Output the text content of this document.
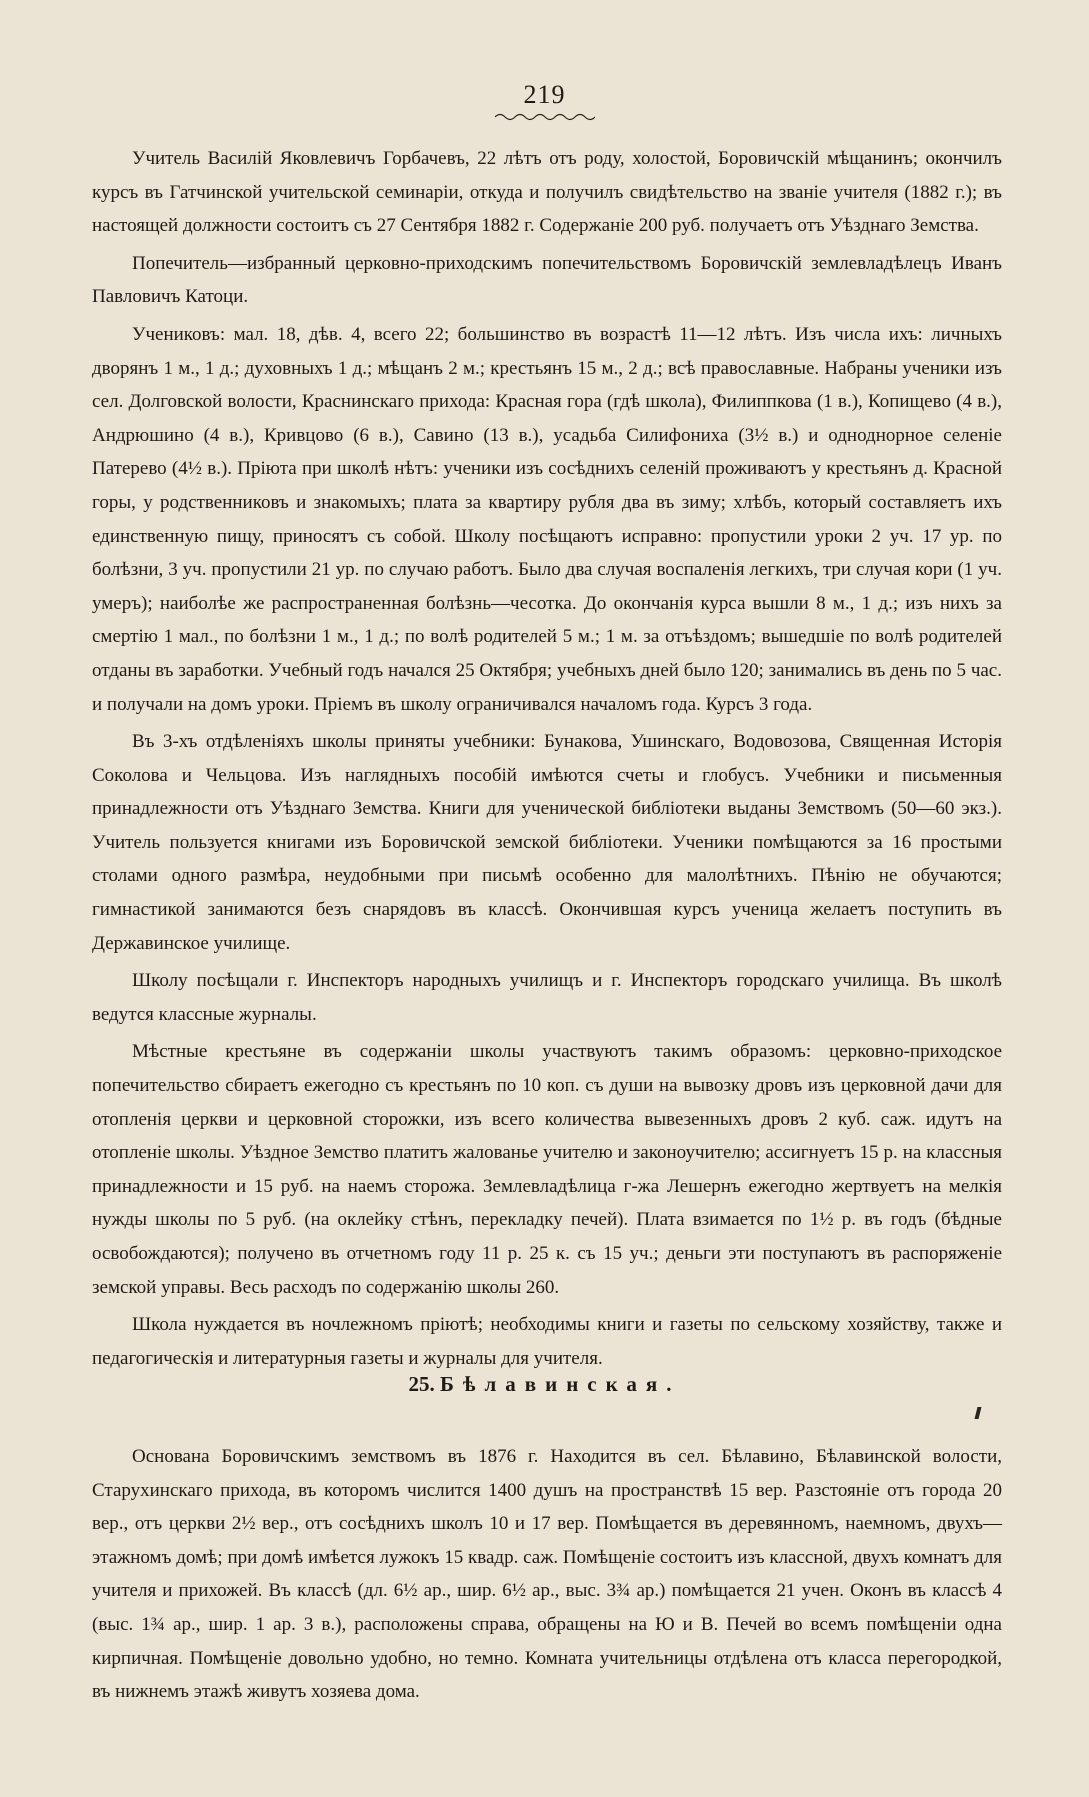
219

Учитель Василій Яковлевичъ Горбачевъ, 22 лѣтъ отъ роду, холостой, Боровичскій мѣщанинъ; окончилъ курсъ въ Гатчинской учительской семинаріи, откуда и получилъ свидѣтельство на званіе учителя (1882 г.); въ настоящей должности состоитъ съ 27 Сентября 1882 г. Содержаніе 200 руб. получаетъ отъ Уѣзднаго Земства.

Попечитель—избранный церковно-приходскимъ попечительствомъ Боровичскій землевладѣлецъ Иванъ Павловичъ Катоци.

Учениковъ: мал. 18, дѣв. 4, всего 22; большинство въ возрастѣ 11—12 лѣтъ. Изъ числа ихъ: личныхъ дворянъ 1 м., 1 д.; духовныхъ 1 д.; мѣщанъ 2 м.; крестьянъ 15 м., 2 д.; всѣ православные. Набраны ученики изъ сел. Долговской волости, Краснинскаго прихода: Красная гора (гдѣ школа), Филиппкова (1 в.), Копищево (4 в.), Андрюшино (4 в.), Кривцово (6 в.), Савино (13 в.), усадьба Силифониха (3½ в.) и одноднорное селеніе Патерево (4½ в.). Пріюта при школѣ нѣтъ: ученики изъ сосѣднихъ селеній проживаютъ у крестьянъ д. Красной горы, у родственниковъ и знакомыхъ; плата за квартиру рубля два въ зиму; хлѣбъ, который составляетъ ихъ единственную пищу, приносятъ съ собой. Школу посѣщаютъ исправно: пропустили уроки 2 уч. 17 ур. по болѣзни, 3 уч. пропустили 21 ур. по случаю работъ. Было два случая воспаленія легкихъ, три случая кори (1 уч. умеръ); наиболѣе же распространенная болѣзнь—чесотка. До окончанія курса вышли 8 м., 1 д.; изъ нихъ за смертію 1 мал., по болѣзни 1 м., 1 д.; по волѣ родителей 5 м.; 1 м. за отъѣздомъ; вышедшіе по волѣ родителей отданы въ заработки. Учебный годъ начался 25 Октября; учебныхъ дней было 120; занимались въ день по 5 час. и получали на домъ уроки. Пріемъ въ школу ограничивался началомъ года. Курсъ 3 года.

Въ 3-хъ отдѣленіяхъ школы приняты учебники: Бунакова, Ушинскаго, Водовозова, Священная Исторія Соколова и Чельцова. Изъ наглядныхъ пособій имѣются счеты и глобусъ. Учебники и письменныя принадлежности отъ Уѣзднаго Земства. Книги для ученической библіотеки выданы Земствомъ (50—60 экз.). Учитель пользуется книгами изъ Боровичской земской библіотеки. Ученики помѣщаются за 16 простыми столами одного размѣра, неудобными при письмѣ особенно для малолѣтнихъ. Пѣнію не обучаются; гимнастикой занимаются безъ снарядовъ въ классѣ. Окончившая курсъ ученица желаетъ поступить въ Державинское училище.

Школу посѣщали г. Инспекторъ народныхъ училищъ и г. Инспекторъ городскаго училища. Въ школѣ ведутся классные журналы.

Мѣстные крестьяне въ содержаніи школы участвуютъ такимъ образомъ: церковно-приходское попечительство сбираетъ ежегодно съ крестьянъ по 10 коп. съ души на вывозку дровъ изъ церковной дачи для отопленія церкви и церковной сторожки, изъ всего количества вывезенныхъ дровъ 2 куб. саж. идутъ на отопленіе школы. Уѣздное Земство платитъ жалованье учителю и законоучителю; ассигнуетъ 15 р. на классныя принадлежности и 15 руб. на наемъ сторожа. Землевладѣлица г-жа Лешернъ ежегодно жертвуетъ на мелкія нужды школы по 5 руб. (на оклейку стѣнъ, перекладку печей). Плата взимается по 1½ р. въ годъ (бѣдные освобождаются); получено въ отчетномъ году 11 р. 25 к. съ 15 уч.; деньги эти поступаютъ въ распоряженіе земской управы. Весь расходъ по содержанію школы 260.

Школа нуждается въ ночлежномъ пріютѣ; необходимы книги и газеты по сельскому хозяйству, также и педагогическія и литературныя газеты и журналы для учителя.

25. Бѣлавинская.

Основана Боровичскимъ земствомъ въ 1876 г. Находится въ сел. Бѣлавино, Бѣлавинской волости, Старухинскаго прихода, въ которомъ числится 1400 душъ на пространствѣ 15 вер. Разстояніе отъ города 20 вер., отъ церкви 2½ вер., отъ сосѣднихъ школъ 10 и 17 вер. Помѣщается въ деревянномъ, наемномъ, двухъ—этажномъ домѣ; при домѣ имѣется лужокъ 15 квадр. саж. Помѣщеніе состоитъ изъ классной, двухъ комнатъ для учителя и прихожей. Въ классѣ (дл. 6½ ар., шир. 6½ ар., выс. 3¾ ар.) помѣщается 21 учен. Оконъ въ классѣ 4 (выс. 1¾ ар., шир. 1 ар. 3 в.), расположены справа, обращены на Ю и В. Печей во всемъ помѣщеніи одна кирпичная. Помѣщеніе довольно удобно, но темно. Комната учительницы отдѣлена отъ класса перегородкой, въ нижнемъ этажѣ живутъ хозяева дома.
